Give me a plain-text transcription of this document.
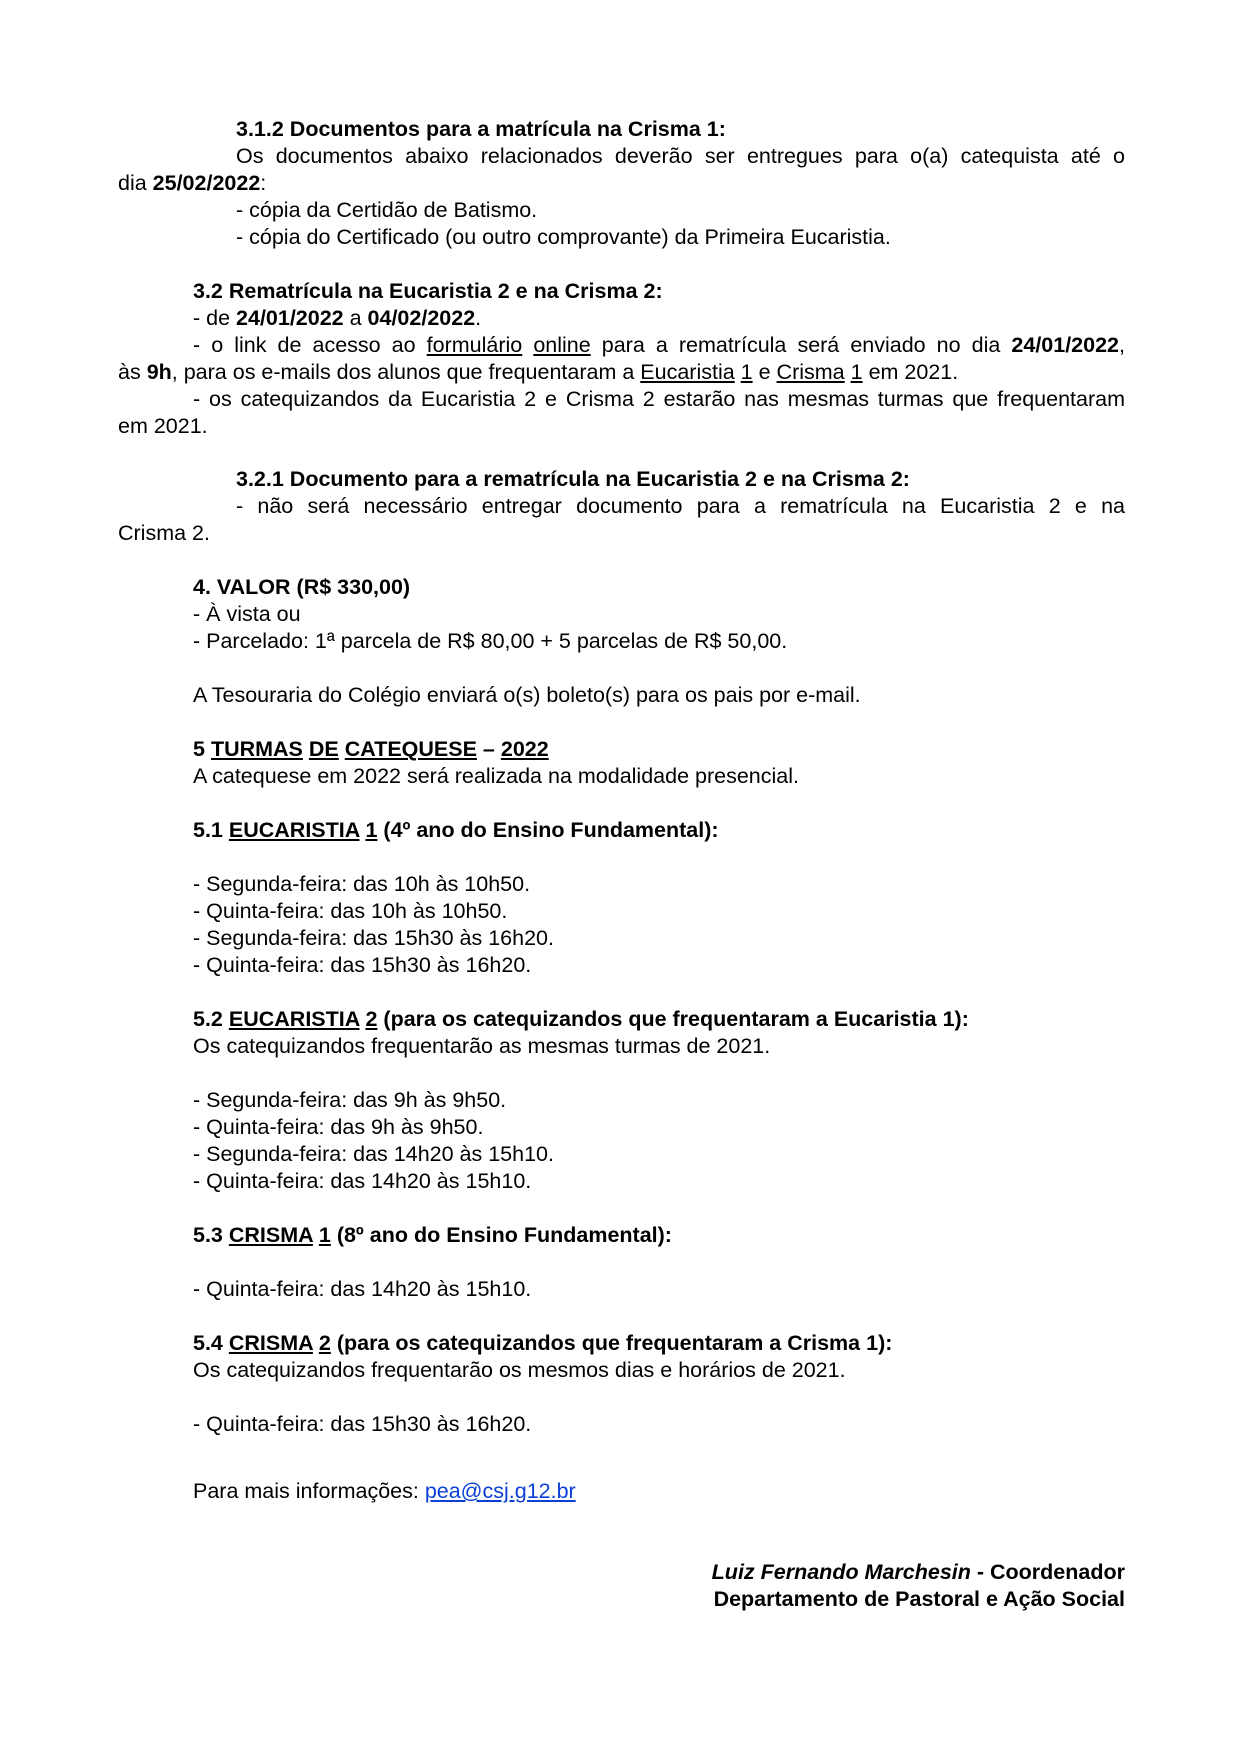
3.1.2 Documentos para a matrícula na Crisma 1:
Os documentos abaixo relacionados deverão ser entregues para o(a) catequista até o
dia 25/02/2022:
- cópia da Certidão de Batismo.
- cópia do Certificado (ou outro comprovante) da Primeira Eucaristia.
3.2 Rematrícula na Eucaristia 2 e na Crisma 2:
- de 24/01/2022 a 04/02/2022.
- o link de acesso ao formulário online para a rematrícula será enviado no dia 24/01/2022,
às 9h, para os e-mails dos alunos que frequentaram a Eucaristia 1 e Crisma 1 em 2021.
- os catequizandos da Eucaristia 2 e Crisma 2 estarão nas mesmas turmas que frequentaram
em 2021.
3.2.1 Documento para a rematrícula na Eucaristia 2 e na Crisma 2:
- não será necessário entregar documento para a rematrícula na Eucaristia 2 e na
Crisma 2.
4. VALOR (R$ 330,00)
- À vista ou
- Parcelado: 1ª parcela de R$ 80,00 + 5 parcelas de R$ 50,00.
A Tesouraria do Colégio enviará o(s) boleto(s) para os pais por e-mail.
5 TURMAS DE CATEQUESE – 2022
A catequese em 2022 será realizada na modalidade presencial.
5.1 EUCARISTIA 1 (4º ano do Ensino Fundamental):
- Segunda-feira: das 10h às 10h50.
- Quinta-feira: das 10h às 10h50.
- Segunda-feira: das 15h30 às 16h20.
- Quinta-feira: das 15h30 às 16h20.
5.2 EUCARISTIA 2 (para os catequizandos que frequentaram a Eucaristia 1):
Os catequizandos frequentarão as mesmas turmas de 2021.
- Segunda-feira: das 9h às 9h50.
- Quinta-feira: das 9h às 9h50.
- Segunda-feira: das 14h20 às 15h10.
- Quinta-feira: das 14h20 às 15h10.
5.3 CRISMA 1 (8º ano do Ensino Fundamental):
- Quinta-feira: das 14h20 às 15h10.
5.4 CRISMA 2 (para os catequizandos que frequentaram a Crisma 1):
Os catequizandos frequentarão os mesmos dias e horários de 2021.
- Quinta-feira: das 15h30 às 16h20.
Para mais informações: pea@csj.g12.br
Luiz Fernando Marchesin - Coordenador
Departamento de Pastoral e Ação Social
